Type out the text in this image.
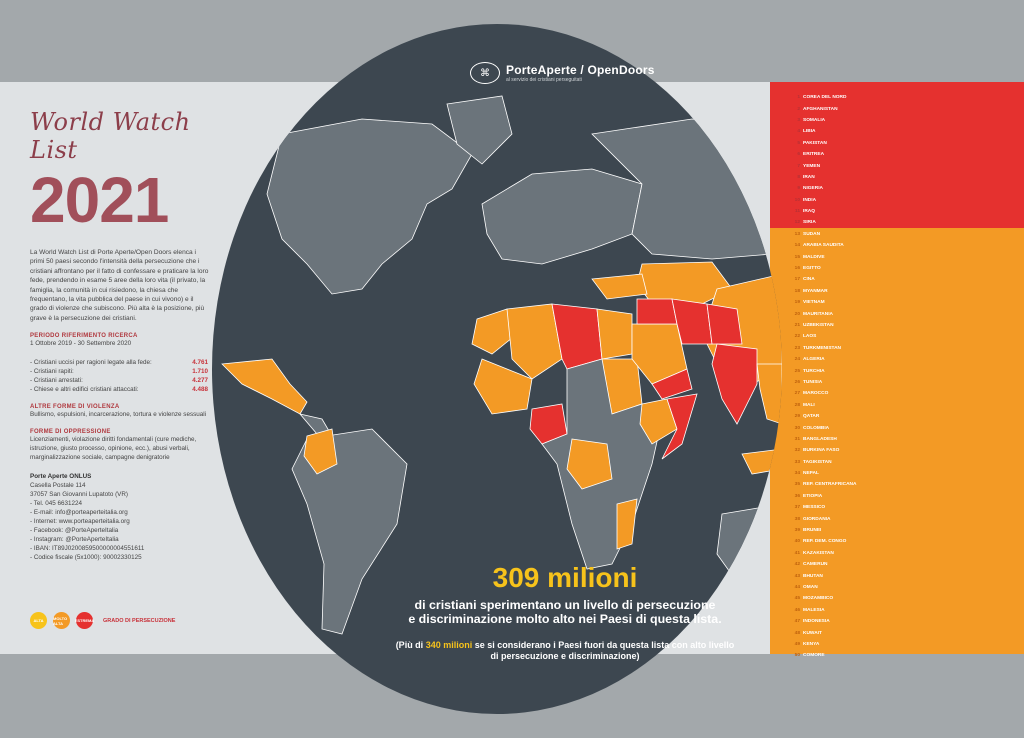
⌘	PorteAperte / OpenDoors
al servizio dei cristiani perseguitati
World Watch List
2021
La World Watch List di Porte Aperte/Open Doors elenca i primi 50 paesi secondo l'intensità della persecuzione che i cristiani affrontano per il fatto di confessare e praticare la loro fede, prendendo in esame 5 aree della loro vita (il privato, la famiglia, la comunità in cui risiedono, la chiesa che frequentano, la vita pubblica del paese in cui vivono) e il grado di violenze che subiscono. Più alta è la posizione, più grave è la persecuzione dei cristiani.
PERIODO RIFERIMENTO RICERCA
1 Ottobre 2019 - 30 Settembre 2020
- Cristiani uccisi per ragioni legate alla fede:	4.761
- Cristiani rapiti:	1.710
- Cristiani arrestati:	4.277
- Chiese e altri edifici cristiani attaccati:	4.488
ALTRE FORME DI VIOLENZA
Bullismo, espulsioni, incarcerazione, tortura e violenze sessuali
FORME DI OPPRESSIONE
Licenziamenti, violazione diritti fondamentali (cure mediche, istruzione, giusto processo, opinione, ecc.), abusi verbali, marginalizzazione sociale, campagne denigratorie
Porte Aperte ONLUS
Casella Postale 114
37057 San Giovanni Lupatoto (VR)
- Tel. 045 6631224
- E-mail: info@porteaperteitalia.org
- Internet: www.porteaperteitalia.org
- Facebook: @PorteAperteItalia
- Instagram: @PorteAperteItalia
- IBAN: IT89J0200859500000004551611
- Codice fiscale (5x1000): 90002330125
ALTA	MOLTO ALTA	ESTREMA GRADO DI PERSECUZIONE
309 milioni
di cristiani sperimentano un livello di persecuzione
e discriminazione molto alto nei Paesi di questa lista.
(Più di 340 milioni se si considerano i Paesi fuori da questa lista con alto livello di persecuzione e discriminazione)
1 COREA DEL NORD
2 AFGHANISTAN
3 SOMALIA
4 LIBIA
5 PAKISTAN
6 ERITREA
7 YEMEN
8 IRAN
9 NIGERIA
10 INDIA
11 IRAQ
12 SIRIA
13 SUDAN
14 ARABIA SAUDITA
15 MALDIVE
16 EGITTO
17 CINA
18 MYANMAR
19 VIETNAM
20 MAURITANIA
21 UZBEKISTAN
22 LAOS
23 TURKMENISTAN
24 ALGERIA
25 TURCHIA
26 TUNISIA
27 MAROCCO
28 MALI
29 QATAR
30 COLOMBIA
31 BANGLADESH
32 BURKINA FASO
33 TAGIKISTAN
34 NEPAL
35 REP. CENTRAFRICANA
36 ETIOPIA
37 MESSICO
38 GIORDANIA
39 BRUNEI
40 REP. DEM. CONGO
41 KAZAKISTAN
42 CAMERUN
43 BHUTAN
44 OMAN
45 MOZAMBICO
46 MALESIA
47 INDONESIA
48 KUWAIT
49 KENYA
50 COMORE
